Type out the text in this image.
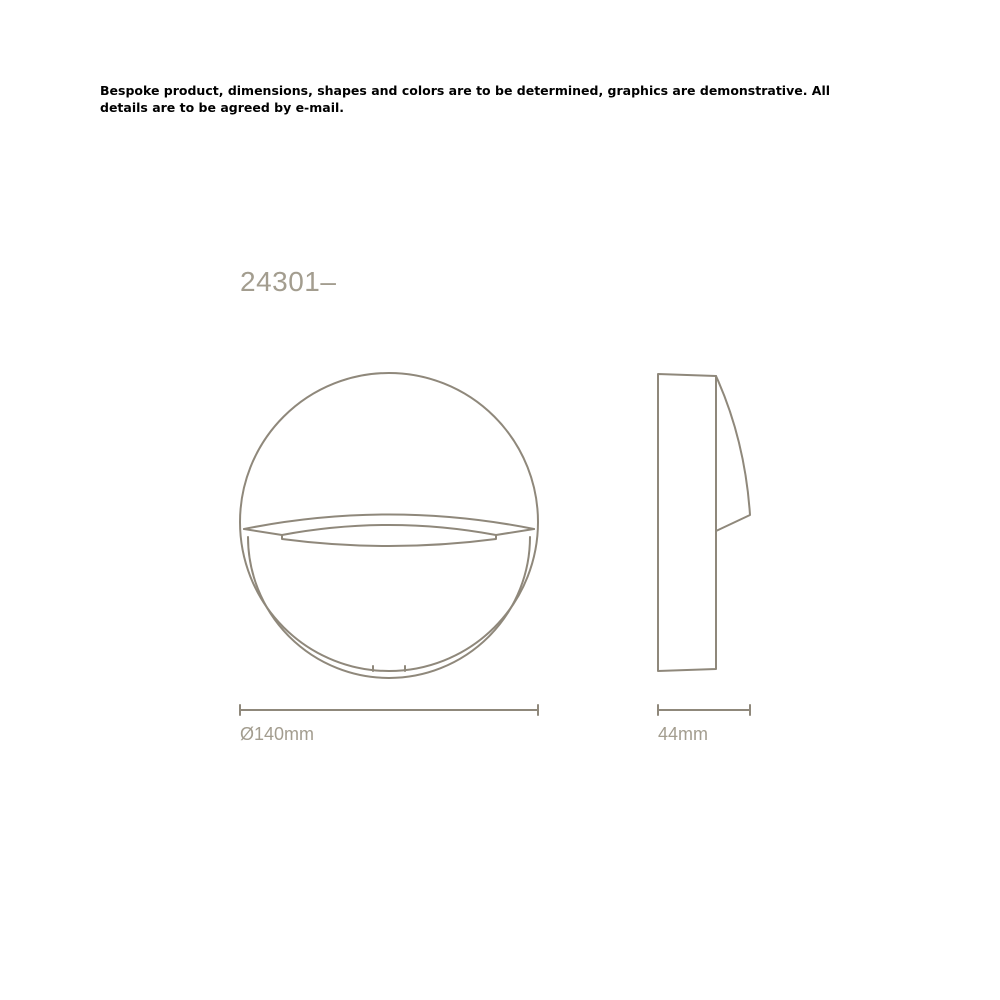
Bespoke product, dimensions, shapes and colors are to be determined, graphics are demonstrative. All details are to be agreed by e-mail.

24301–
Ø140mm	44mm
